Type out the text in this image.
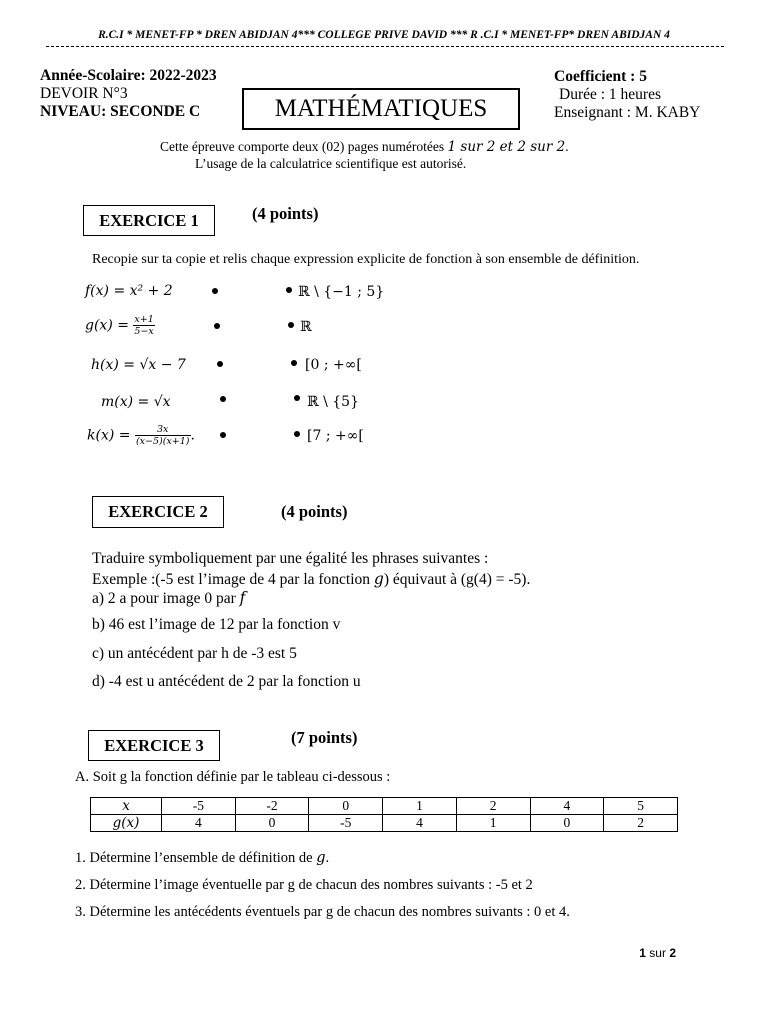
R.C.I * MENET-FP * DREN ABIDJAN 4*** COLLEGE PRIVE DAVID *** R .C.I * MENET-FP* DREN ABIDJAN 4
Année-Scolaire: 2022-2023
DEVOIR N°3
NIVEAU: SECONDE C	MATHÉMATIQUES
Coefficient : 5
Durée : 1 heures
Enseignant : M. KABY
Cette épreuve comporte deux (02) pages numérotées 1 sur 2 et 2 sur 2.
L’usage de la calculatrice scientifique est autorisé.
EXERCICE 1	(4 points)
Recopie sur ta copie et relis chaque expression explicite de fonction à son ensemble de définition.
f(x) = x² + 2
$g(x) = \frac{x+1}{5-x}$
h(x) = √x − 7
m(x) = √x
$k(x) = \frac{3x}{(x-5)(x+1)}$ .
ℝ \ {−1 ; 5}
ℝ
[0 ; +∞[
ℝ \ {5}
[7 ; +∞[
EXERCICE 2	(4 points)
Traduire symboliquement par une égalité les phrases suivantes :
Exemple :(-5 est l’image de 4 par la fonction g) équivaut à (g(4) = -5).
a) 2 a pour image 0 par f
b) 46 est l’image de 12 par la fonction v
c) un antécédent par h de -3 est 5
d) -4 est u antécédent de 2 par la fonction u
EXERCICE 3	(7 points)
A. Soit g la fonction définie par le tableau ci-dessous :
x	-5	-2	0	1	2	4	5
g(x)	4	0	-5	4	1	0	2
1. Détermine l’ensemble de définition de g.
2. Détermine l’image éventuelle par g de chacun des nombres suivants : -5 et 2
3. Détermine les antécédents éventuels par g de chacun des nombres suivants : 0 et 4.
1 sur 2
